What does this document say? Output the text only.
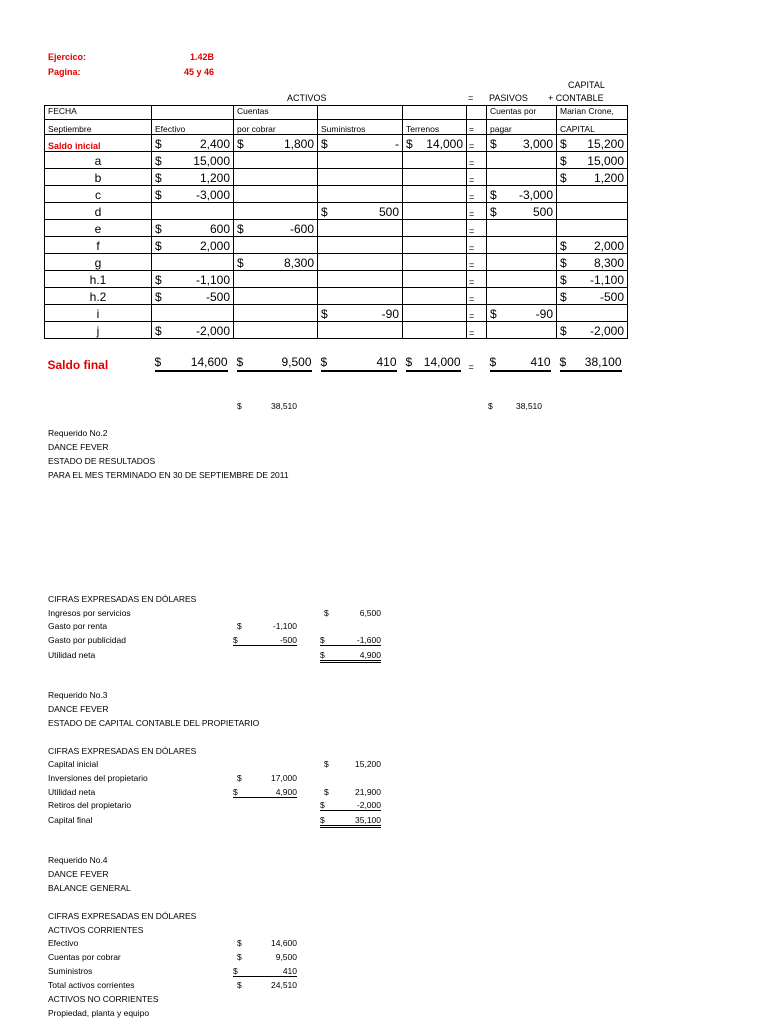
Ejercico:	1.42B
Pagina:	45 y 46
ACTIVOS	= PASIVOS
CAPITAL
+ CONTABLE
FECHA		Cuentas				Cuentas por	Marian Crone,
Septiembre	Efectivo	por cobrar	Suministros	Terrenos	=	pagar	CAPITAL
Saldo inicial	$ 2,400	$ 1,800	$ -	$ 14,000	=	$ 3,000	$ 15,200

a	$ 15,000				=		$ 15,000

b	$ 1,200				=		$ 1,200

c	$ -3,000				=	$ -3,000	

d			$ 500		=	$ 500	

e	$ 600	$ -600			=		
f	$ 2,000				=		$ 2,000

g		$ 8,300			=		$ 8,300

h.1	$ -1,100				=		$ -1,100

h.2	$ -500				=		$ -500

i			$ -90		=	$ -90	

j	$ -2,000				=		$ -2,000

Saldo final	$ 14,600	$ 9,500	$ 410	$ 14,000	=	$ 410	$ 38,100
$	38,510	$	38,510
Requerido No.2
DANCE FEVER
ESTADO DE RESULTADOS
PARA EL MES TERMINADO EN 30 DE SEPTIEMBRE DE 2011
CIFRAS EXPRESADAS EN DÓLARES
Ingresos por servicios	$	6,500
Gasto por renta	$	-1,100
Gasto por publicidad	$	-500	$	-1,600
Utilidad neta	$	4,900
Requerido No.3
DANCE FEVER
ESTADO DE CAPITAL CONTABLE DEL PROPIETARIO
CIFRAS EXPRESADAS EN DÓLARES
Capital inicial	$	15,200
Inversiones del propietario	$	17,000
Utilidad neta	$	4,900	$	21,900
Retiros del propietario	$	-2,000
Capital final	$	35,100
Requerido No.4
DANCE FEVER
BALANCE GENERAL
CIFRAS EXPRESADAS EN DÓLARES
ACTIVOS CORRIENTES
Efectivo	$	14,600
Cuentas por cobrar	$	9,500
Suministros	$	410
Total activos corrientes	$	24,510
ACTIVOS NO CORRIENTES
Propiedad, planta y equipo
